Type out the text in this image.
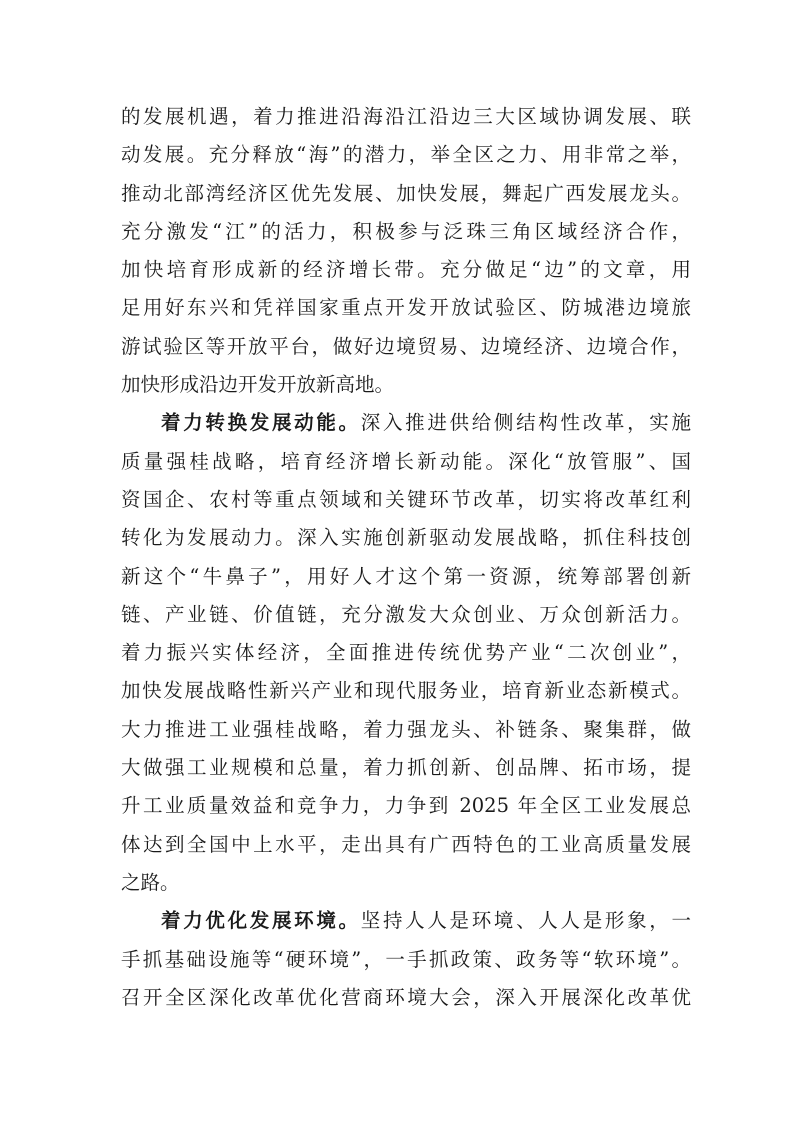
的发展机遇，着力推进沿海沿江沿边三大区域协调发展、联
动发展。充分释放“海”的潜力，举全区之力、用非常之举，
推动北部湾经济区优先发展、加快发展，舞起广西发展龙头。
充分激发“江”的活力，积极参与泛珠三角区域经济合作，
加快培育形成新的经济增长带。充分做足“边”的文章，用
足用好东兴和凭祥国家重点开发开放试验区、防城港边境旅
游试验区等开放平台，做好边境贸易、边境经济、边境合作，
加快形成沿边开发开放新高地。
着力转换发展动能。深入推进供给侧结构性改革，实施
质量强桂战略，培育经济增长新动能。深化“放管服”、国
资国企、农村等重点领域和关键环节改革，切实将改革红利
转化为发展动力。深入实施创新驱动发展战略，抓住科技创
新这个“牛鼻子”，用好人才这个第一资源，统筹部署创新
链、产业链、价值链，充分激发大众创业、万众创新活力。
着力振兴实体经济，全面推进传统优势产业“二次创业”，
加快发展战略性新兴产业和现代服务业，培育新业态新模式。
大力推进工业强桂战略，着力强龙头、补链条、聚集群，做
大做强工业规模和总量，着力抓创新、创品牌、拓市场，提
升工业质量效益和竞争力，力争到 2025 年全区工业发展总
体达到全国中上水平，走出具有广西特色的工业高质量发展
之路。
着力优化发展环境。坚持人人是环境、人人是形象，一
手抓基础设施等“硬环境”，一手抓政策、政务等“软环境”。
召开全区深化改革优化营商环境大会，深入开展深化改革优
